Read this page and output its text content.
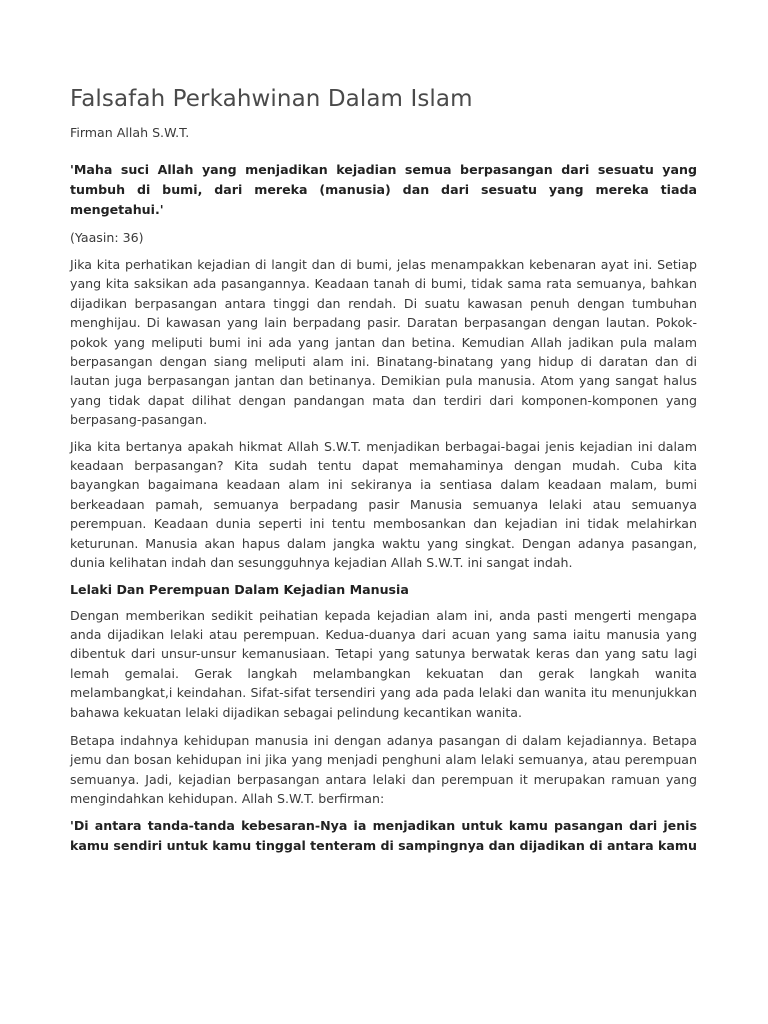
Falsafah Perkahwinan Dalam Islam

Firman Allah S.W.T.

'Maha suci Allah yang menjadikan kejadian semua berpasangan dari sesuatu yang tumbuh di bumi, dari mereka (manusia) dan dari sesuatu yang mereka tiada mengetahui.'

(Yaasin: 36)

Jika kita perhatikan kejadian di langit dan di bumi, jelas menampakkan kebenaran ayat ini. Setiap yang kita saksikan ada pasangannya. Keadaan tanah di bumi, tidak sama rata semuanya, bahkan dijadikan berpasangan antara tinggi dan rendah. Di suatu kawasan penuh dengan tumbuhan menghijau. Di kawasan yang lain berpadang pasir. Daratan berpasangan dengan lautan. Pokok-pokok yang meliputi bumi ini ada yang jantan dan betina. Kemudian Allah jadikan pula malam berpasangan dengan siang meliputi alam ini. Binatang-binatang yang hidup di daratan dan di lautan juga berpasangan jantan dan betinanya. Demikian pula manusia. Atom yang sangat halus yang tidak dapat dilihat dengan pandangan mata dan terdiri dari komponen-komponen yang berpasang-pasangan.

Jika kita bertanya apakah hikmat Allah S.W.T. menjadikan berbagai-bagai jenis kejadian ini dalam keadaan berpasangan? Kita sudah tentu dapat memahaminya dengan mudah. Cuba kita bayangkan bagaimana keadaan alam ini sekiranya ia sentiasa dalam keadaan malam, bumi berkeadaan pamah, semuanya berpadang pasir Manusia semuanya lelaki atau semuanya perempuan. Keadaan dunia seperti ini tentu membosankan dan kejadian ini tidak melahirkan keturunan. Manusia akan hapus dalam jangka waktu yang singkat. Dengan adanya pasangan, dunia kelihatan indah dan sesungguhnya kejadian Allah S.W.T. ini sangat indah.

Lelaki Dan Perempuan Dalam Kejadian Manusia

Dengan memberikan sedikit peihatian kepada kejadian alam ini, anda pasti mengerti mengapa anda dijadikan lelaki atau perempuan. Kedua-duanya dari acuan yang sama iaitu manusia yang dibentuk dari unsur-unsur kemanusiaan. Tetapi yang satunya berwatak keras dan yang satu lagi lemah gemalai. Gerak langkah melambangkan kekuatan dan gerak langkah wanita melambangkat,i keindahan. Sifat-sifat tersendiri yang ada pada lelaki dan wanita itu menunjukkan bahawa kekuatan lelaki dijadikan sebagai pelindung kecantikan wanita.

Betapa indahnya kehidupan manusia ini dengan adanya pasangan di dalam kejadiannya. Betapa jemu dan bosan kehidupan ini jika yang menjadi penghuni alam lelaki semuanya, atau perempuan semuanya. Jadi, kejadian berpasangan antara lelaki dan perempuan it merupakan ramuan yang mengindahkan kehidupan. Allah S.W.T. berfirman:

'Di antara tanda-tanda kebesaran-Nya ia menjadikan untuk kamu pasangan dari jenis kamu sendiri untuk kamu tinggal tenteram di sampingnya dan dijadikan di antara kamu
